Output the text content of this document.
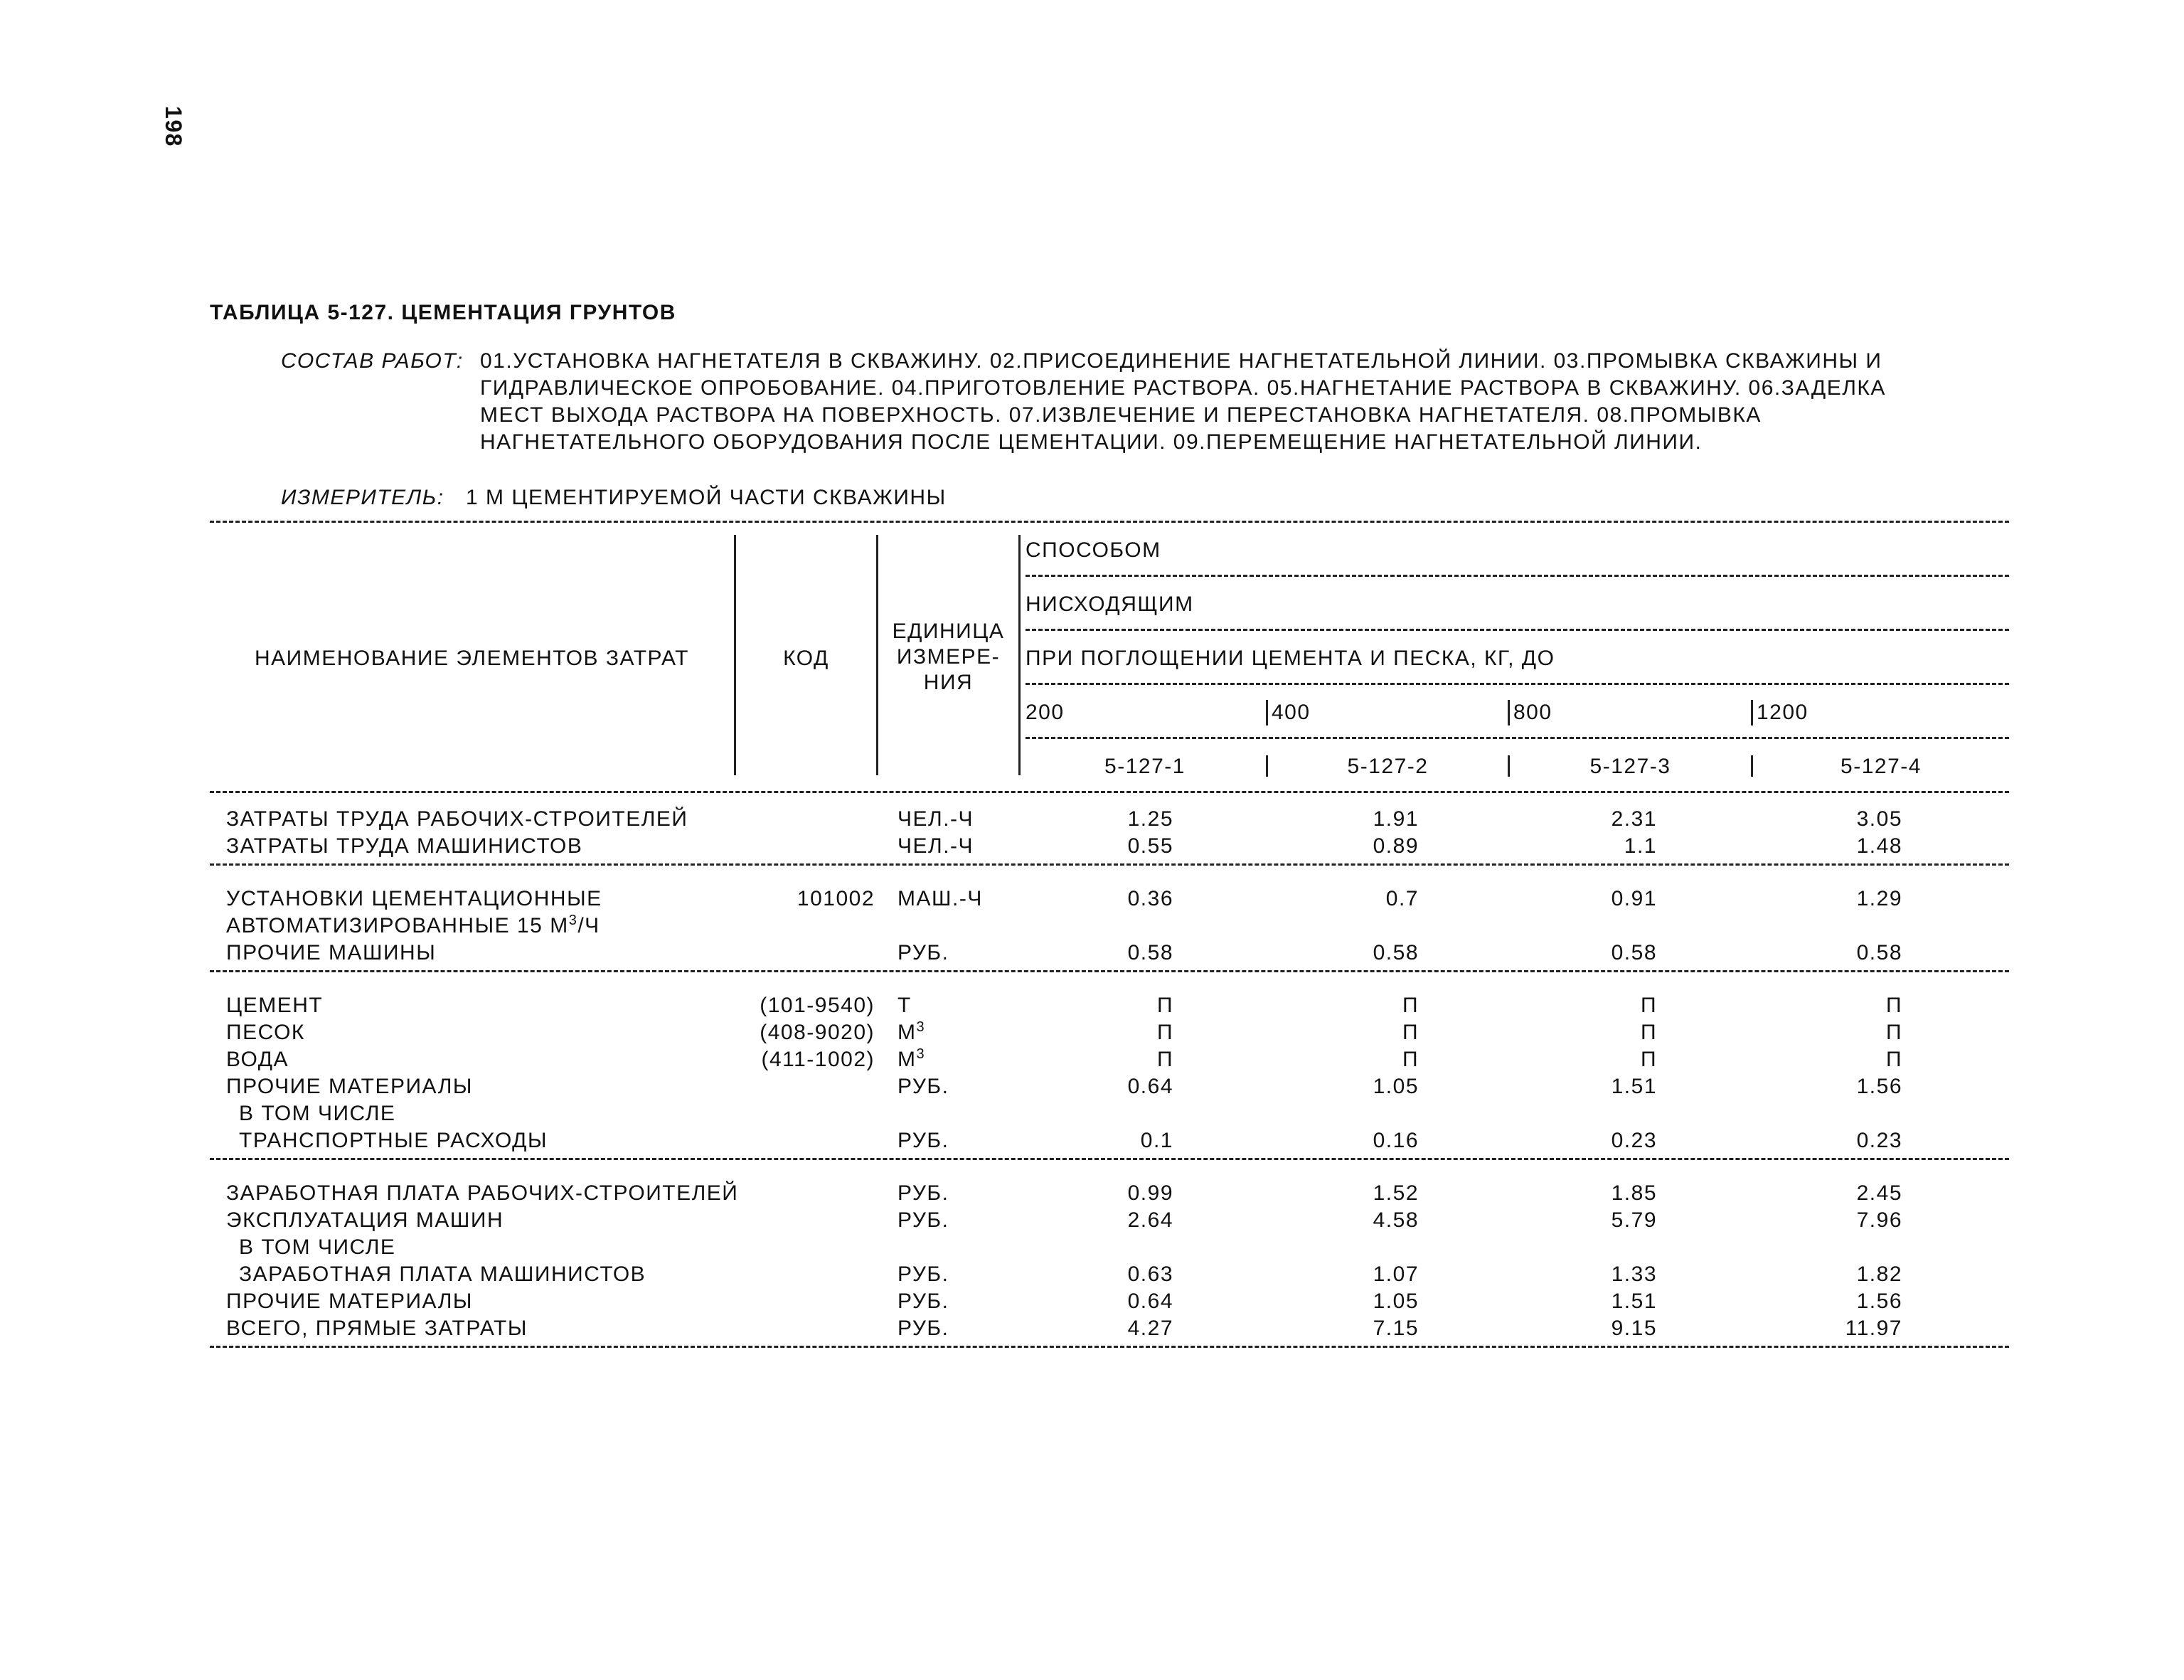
198
ТАБЛИЦА 5-127. ЦЕМЕНТАЦИЯ ГРУНТОВ
СОСТАВ РАБОТ: 01.УСТАНОВКА НАГНЕТАТЕЛЯ В СКВАЖИНУ. 02.ПРИСОЕДИНЕНИЕ НАГНЕТАТЕЛЬНОЙ ЛИНИИ. 03.ПРОМЫВКА СКВАЖИНЫ И
ГИДРАВЛИЧЕСКОЕ ОПРОБОВАНИЕ. 04.ПРИГОТОВЛЕНИЕ РАСТВОРА. 05.НАГНЕТАНИЕ РАСТВОРА В СКВАЖИНУ. 06.ЗАДЕЛКА
МЕСТ ВЫХОДА РАСТВОРА НА ПОВЕРХНОСТЬ. 07.ИЗВЛЕЧЕНИЕ И ПЕРЕСТАНОВКА НАГНЕТАТЕЛЯ. 08.ПРОМЫВКА
НАГНЕТАТЕЛЬНОГО ОБОРУДОВАНИЯ ПОСЛЕ ЦЕМЕНТАЦИИ. 09.ПЕРЕМЕЩЕНИЕ НАГНЕТАТЕЛЬНОЙ ЛИНИИ.
ИЗМЕРИТЕЛЬ: 1 М ЦЕМЕНТИРУЕМОЙ ЧАСТИ СКВАЖИНЫ
НАИМЕНОВАНИЕ ЭЛЕМЕНТОВ ЗАТРАТ	КОД
ЕДИНИЦА
ИЗМЕРЕ-
НИЯ
СПОСОБОМ
НИСХОДЯЩИМ
ПРИ ПОГЛОЩЕНИИ ЦЕМЕНТА И ПЕСКА, КГ, ДО
200	400	800	1200
5-127-1	5-127-2	5-127-3	5-127-4
ЗАТРАТЫ ТРУДА РАБОЧИХ-СТРОИТЕЛЕЙ	ЧЕЛ.-Ч	1.25	1.91	2.31	3.05
ЗАТРАТЫ ТРУДА МАШИНИСТОВ	ЧЕЛ.-Ч	0.55	0.89	1.1	1.48
УСТАНОВКИ ЦЕМЕНТАЦИОННЫЕ	101002 МАШ.-Ч	0.36	0.7	0.91	1.29
АВТОМАТИЗИРОВАННЫЕ 15 $М^3/Ч$
ПРОЧИЕ МАШИНЫ	РУБ.	0.58	0.58	0.58	0.58
ЦЕМЕНТ	(101-9540) Т	П	П	П	П
ПЕСОК	(408-9020) $М^3$	П	П	П	П
ВОДА	(411-1002) $М^3$	П	П	П	П
ПРОЧИЕ МАТЕРИАЛЫ	РУБ.	0.64	1.05	1.51	1.56
В ТОМ ЧИСЛЕ
ТРАНСПОРТНЫЕ РАСХОДЫ	РУБ.	0.1	0.16	0.23	0.23
ЗАРАБОТНАЯ ПЛАТА РАБОЧИХ-СТРОИТЕЛЕЙ	РУБ.	0.99	1.52	1.85	2.45
ЭКСПЛУАТАЦИЯ МАШИН	РУБ.	2.64	4.58	5.79	7.96
В ТОМ ЧИСЛЕ
ЗАРАБОТНАЯ ПЛАТА МАШИНИСТОВ	РУБ.	0.63	1.07	1.33	1.82
ПРОЧИЕ МАТЕРИАЛЫ	РУБ.	0.64	1.05	1.51	1.56
ВСЕГО, ПРЯМЫЕ ЗАТРАТЫ	РУБ.	4.27	7.15	9.15	11.97
